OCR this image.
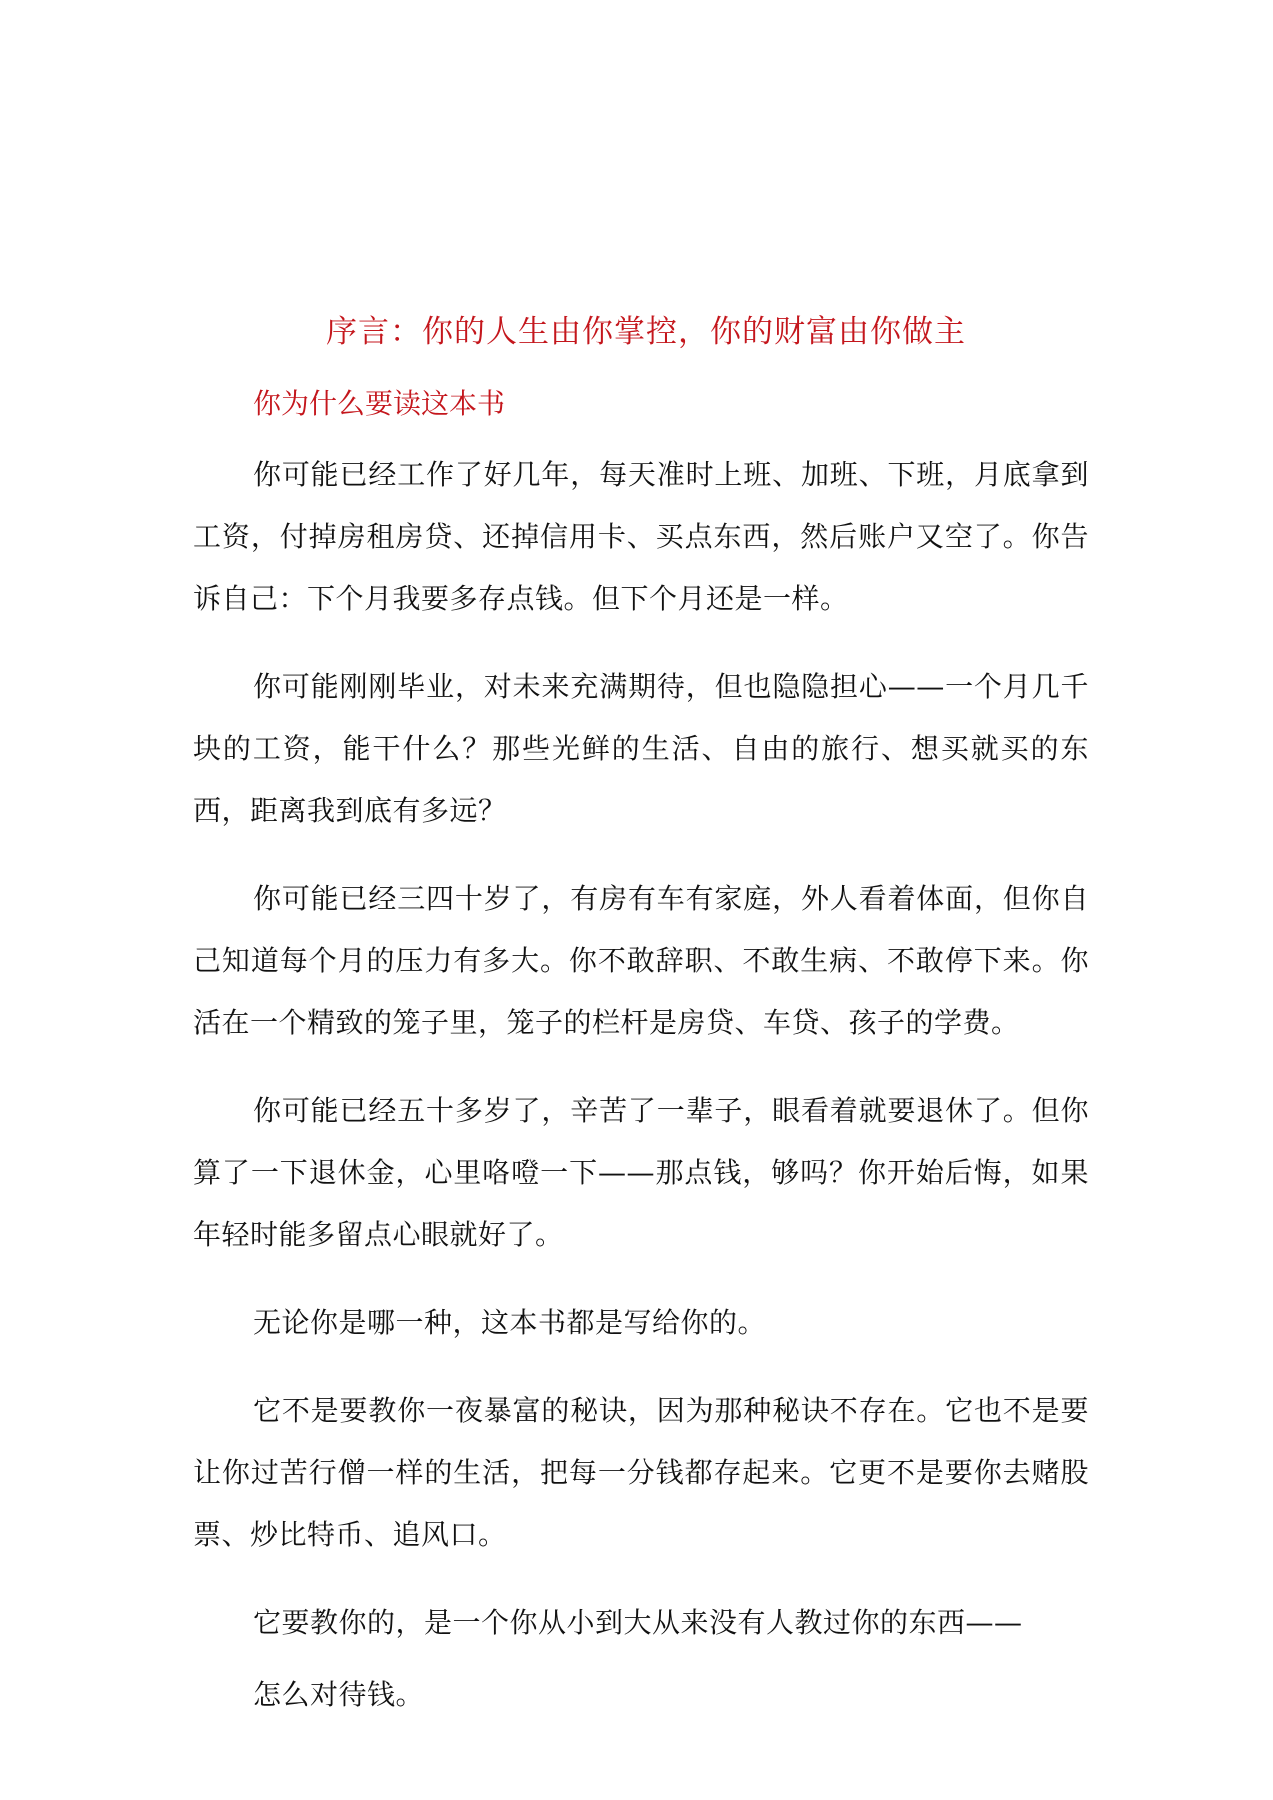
序言：你的人生由你掌控，你的财富由你做主
你为什么要读这本书

你可能已经工作了好几年，每天准时上班、加班、下班，月底拿到工资，付掉房租房贷、还掉信用卡、买点东西，然后账户又空了。你告诉自己：下个月我要多存点钱。但下个月还是一样。

你可能刚刚毕业，对未来充满期待，但也隐隐担心——一个月几千块的工资，能干什么？那些光鲜的生活、自由的旅行、想买就买的东西，距离我到底有多远？

你可能已经三四十岁了，有房有车有家庭，外人看着体面，但你自己知道每个月的压力有多大。你不敢辞职、不敢生病、不敢停下来。你活在一个精致的笼子里，笼子的栏杆是房贷、车贷、孩子的学费。

你可能已经五十多岁了，辛苦了一辈子，眼看着就要退休了。但你算了一下退休金，心里咯噔一下——那点钱，够吗？你开始后悔，如果年轻时能多留点心眼就好了。

无论你是哪一种，这本书都是写给你的。

它不是要教你一夜暴富的秘诀，因为那种秘诀不存在。它也不是要让你过苦行僧一样的生活，把每一分钱都存起来。它更不是要你去赌股票、炒比特币、追风口。

它要教你的，是一个你从小到大从来没有人教过你的东西——

怎么对待钱。
